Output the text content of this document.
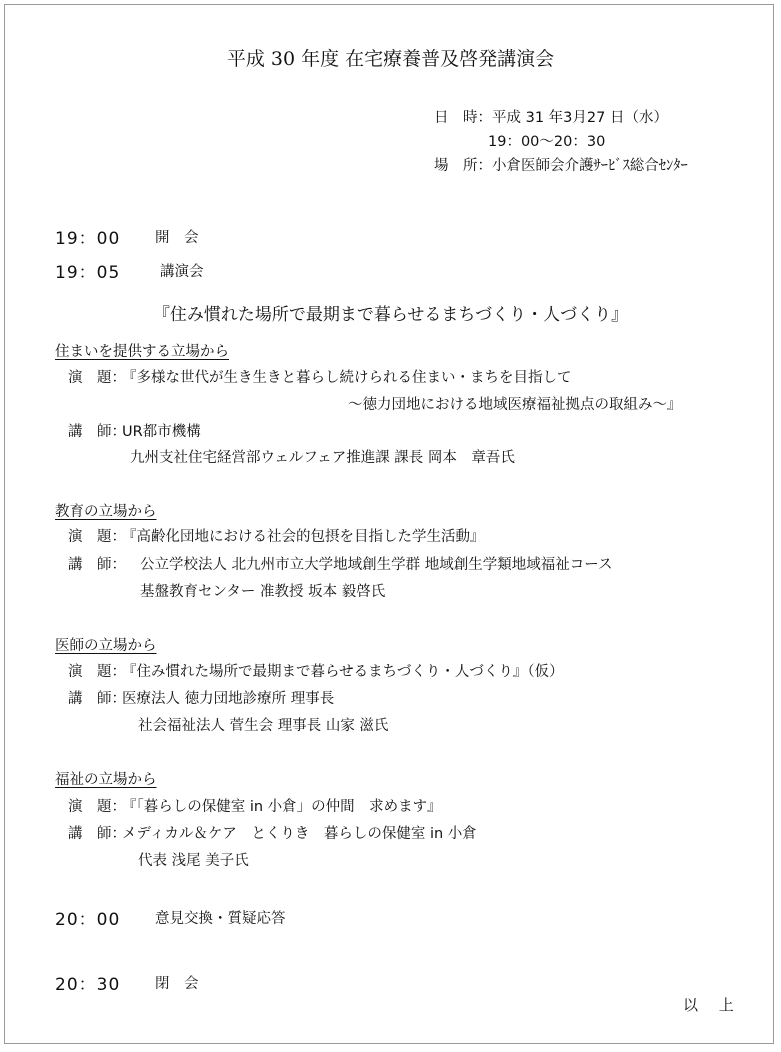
平成 30 年度 在宅療養普及啓発講演会
日　時：平成 31 年3月27 日（水）
19：00～20：30
場　所：小倉医師会介護ｻｰﾋﾞｽ総合ｾﾝﾀｰ
19：00 開　会
19：05	講演会
『住み慣れた場所で最期まで暮らせるまちづくり・人づくり』
住まいを提供する立場から
演　題：『多様な世代が生き生きと暮らし続けられる住まい・まちを目指して
～徳力団地における地域医療福祉拠点の取組み～』
講　師：UR都市機構
九州支社住宅経営部ウェルフェア推進課 課長 岡本　章吾氏
教育の立場から
演　題：『高齢化団地における社会的包摂を目指した学生活動』
講　師： 公立学校法人 北九州市立大学地域創生学群 地域創生学類地域福祉コース
基盤教育センター 准教授 坂本 毅啓氏
医師の立場から
演　題：『住み慣れた場所で最期まで暮らせるまちづくり・人づくり』（仮）
講　師：医療法人 徳力団地診療所 理事長
社会福祉法人 菅生会 理事長 山家 滋氏
福祉の立場から
演　題：『「暮らしの保健室 in 小倉」の仲間　求めます』
講　師：メディカル＆ケア　とくりき　暮らしの保健室 in 小倉
代表 浅尾 美子氏
20：00 意見交換・質疑応答
20：30 閉　会
以 上
